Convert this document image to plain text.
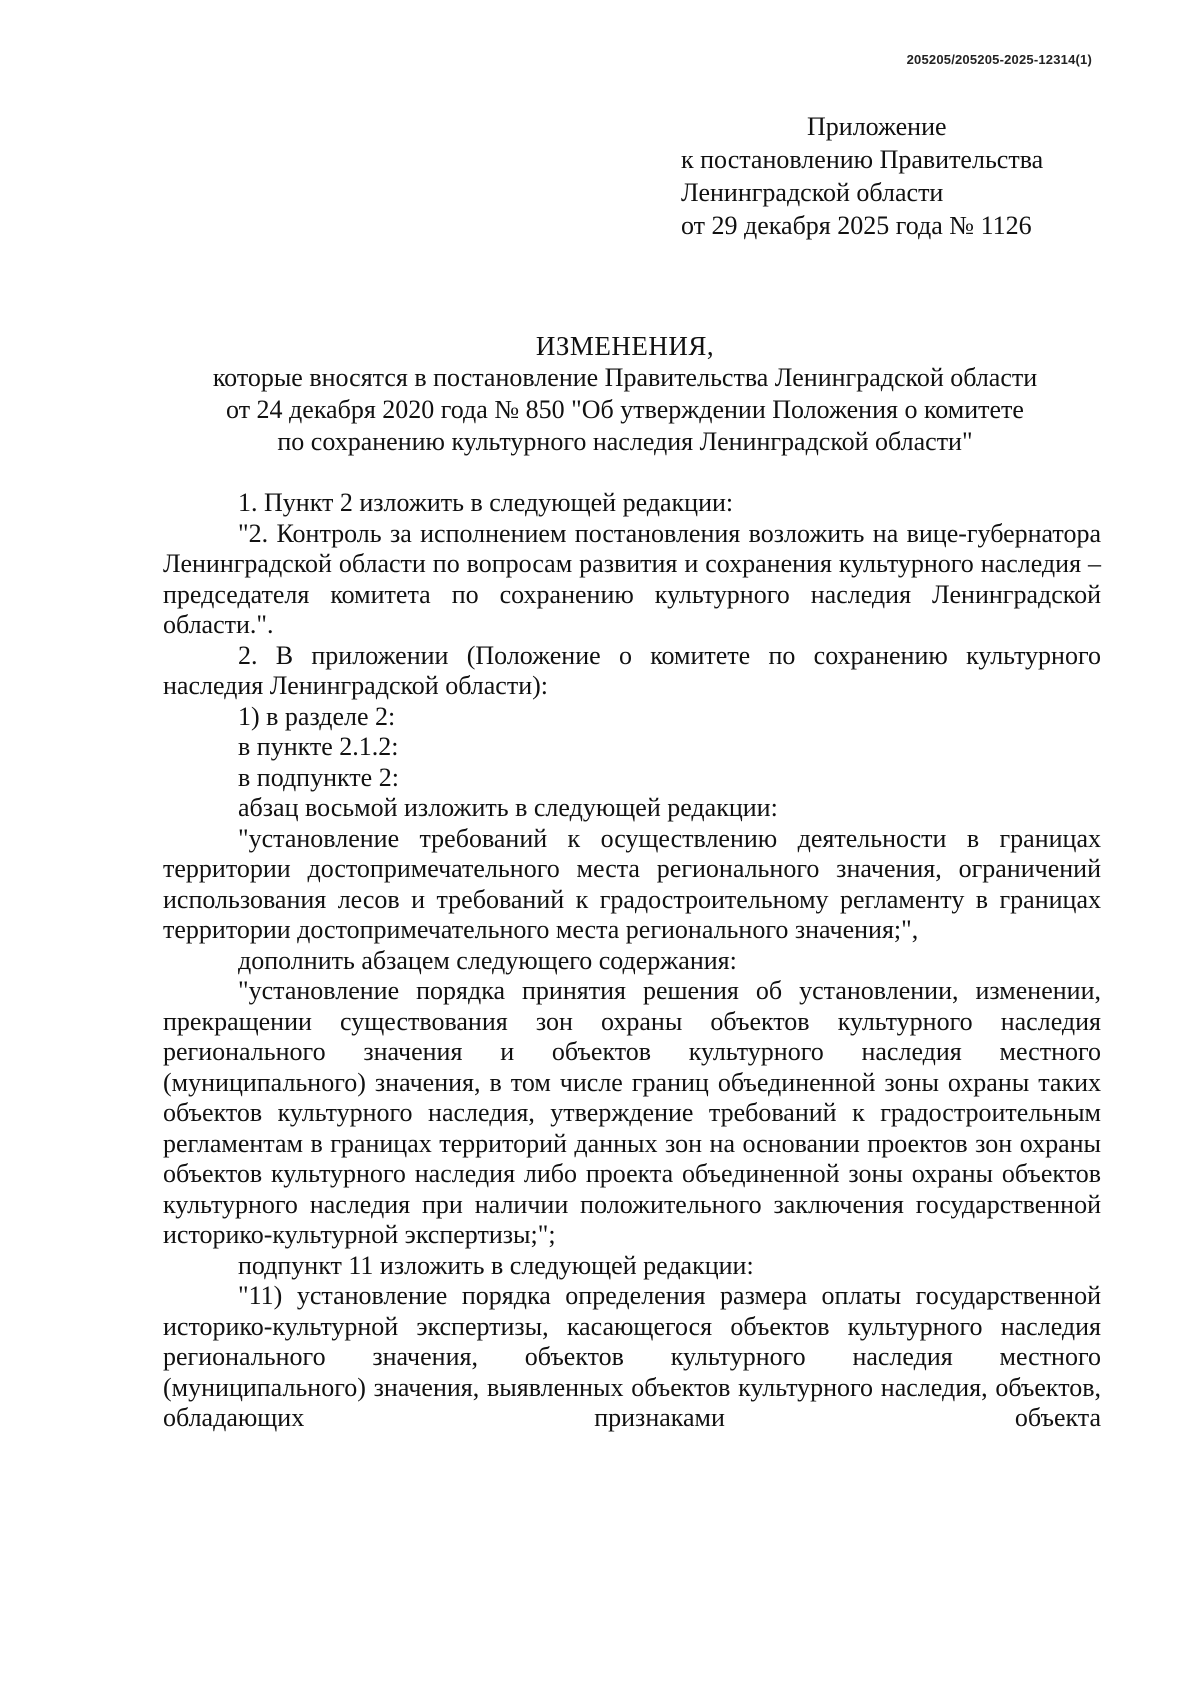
205205/205205-2025-12314(1)
Приложение
к постановлению Правительства
Ленинградской области
от 29 декабря 2025 года № 1126
ИЗМЕНЕНИЯ,
которые вносятся в постановление Правительства Ленинградской области
от 24 декабря 2020 года № 850 "Об утверждении Положения о комитете
по сохранению культурного наследия Ленинградской области"

1. Пункт 2 изложить в следующей редакции:

"2. Контроль за исполнением постановления возложить на вице-губернатора Ленинградской области по вопросам развития и сохранения культурного наследия – председателя комитета по сохранению культурного наследия Ленинградской области.".

2. В приложении (Положение о комитете по сохранению культурного наследия Ленинградской области):

1) в разделе 2:

в пункте 2.1.2:

в подпункте 2:

абзац восьмой изложить в следующей редакции:

"установление требований к осуществлению деятельности в границах территории достопримечательного места регионального значения, ограничений использования лесов и требований к градостроительному регламенту в границах территории достопримечательного места регионального значения;",

дополнить абзацем следующего содержания:

"установление порядка принятия решения об установлении, изменении, прекращении существования зон охраны объектов культурного наследия регионального значения и объектов культурного наследия местного (муниципального) значения, в том числе границ объединенной зоны охраны таких объектов культурного наследия, утверждение требований к градостроительным регламентам в границах территорий данных зон на основании проектов зон охраны объектов культурного наследия либо проекта объединенной зоны охраны объектов культурного наследия при наличии положительного заключения государственной историко-культурной экспертизы;";

подпункт 11 изложить в следующей редакции:

"11) установление порядка определения размера оплаты государственной историко-культурной экспертизы, касающегося объектов культурного наследия регионального значения, объектов культурного наследия местного (муниципального) значения, выявленных объектов культурного наследия, объектов, обладающих признаками объекта
